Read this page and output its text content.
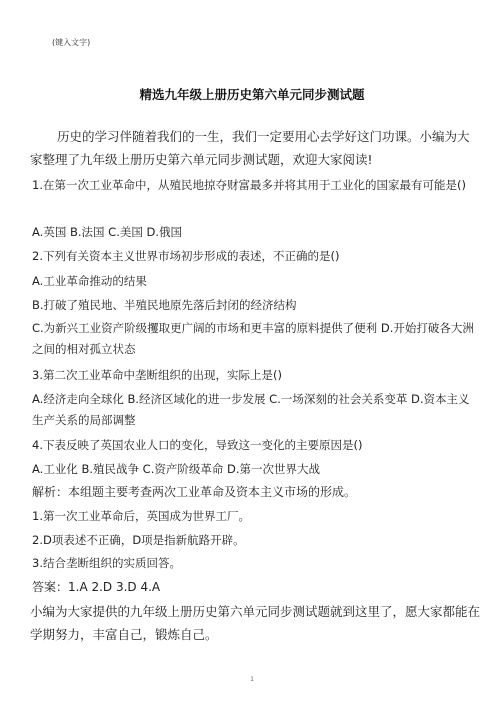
(键入文字)
精选九年级上册历史第六单元同步测试题

历史的学习伴随着我们的一生，我们一定要用心去学好这门功课。小编为大家整理了九年级上册历史第六单元同步测试题，欢迎大家阅读!

1.在第一次工业革命中，从殖民地掠夺财富最多并将其用于工业化的国家最有可能是()
A.英国 B.法国 C.美国 D.俄国
2.下列有关资本主义世界市场初步形成的表述，不正确的是()
A.工业革命推动的结果
B.打破了殖民地、半殖民地原先落后封闭的经济结构
C.为新兴工业资产阶级攫取更广阔的市场和更丰富的原料提供了便利 D.开始打破各大洲之间的相对孤立状态
3.第二次工业革命中垄断组织的出现，实际上是()
A.经济走向全球化 B.经济区域化的进一步发展 C.一场深刻的社会关系变革 D.资本主义生产关系的局部调整
4.下表反映了英国农业人口的变化，导致这一变化的主要原因是()
A.工业化 B.殖民战争 C.资产阶级革命 D.第一次世界大战
解析：本组题主要考查两次工业革命及资本主义市场的形成。
1.第一次工业革命后，英国成为世界工厂。
2.D项表述不正确，D项是指新航路开辟。
3.结合垄断组织的实质回答。
答案：1.A 2.D 3.D 4.A
小编为大家提供的九年级上册历史第六单元同步测试题就到这里了，愿大家都能在学期努力，丰富自己，锻炼自己。
1
